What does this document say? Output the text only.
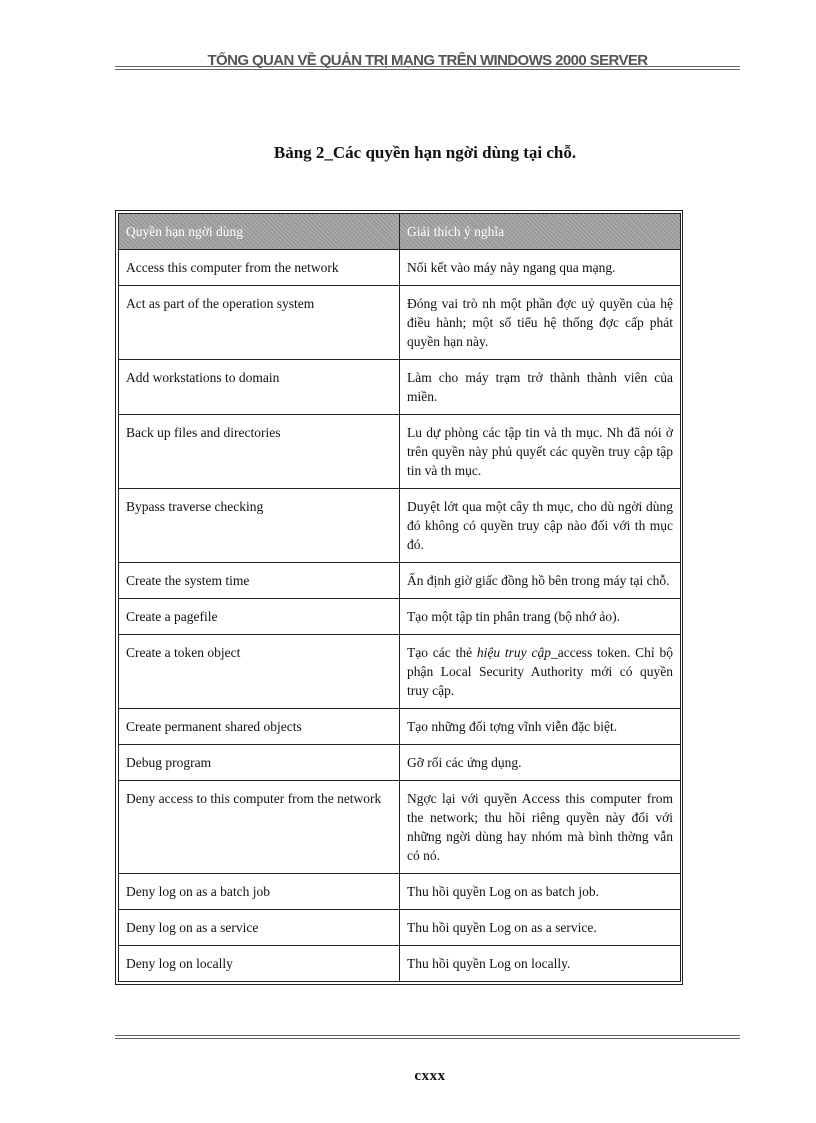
TỔNG QUAN VỀ QUẢN TRỊ MẠNG TRÊN WINDOWS 2000 SERVER
Bảng 2_Các quyền hạn ngời dùng tại chỗ.
Quyền hạn ngời dùng	Giải thích ý nghĩa
Access this computer from the network	Nối kết vào máy này ngang qua mạng.
Act as part of the operation system	Đóng vai trò nh một phần đợc uỷ quyền của hệ điều hành; một số tiểu hệ thống đợc cấp phát quyền hạn này.
Add workstations to domain	Làm cho máy trạm trở thành thành viên của miền.
Back up files and directories	Lu dự phòng các tập tin và th mục. Nh đã nói ở trên quyền này phủ quyết các quyền truy cập tập tin và th mục.
Bypass traverse checking	Duyệt lớt qua một cây th mục, cho dù ngời dùng đó không có quyền truy cập nào đối với th mục đó.
Create the system time	Ấn định giờ giấc đồng hồ bên trong máy tại chỗ.
Create a pagefile	Tạo một tập tin phân trang (bộ nhớ ảo).
Create a token object	Tạo các thẻ hiệu truy cập_access token. Chỉ bộ phận Local Security Authority mới có quyền truy cập.
Create permanent shared objects	Tạo những đối tợng vĩnh viễn đặc biệt.
Debug program	Gỡ rối các ứng dụng.
Deny access to this computer from the network	Ngợc lại với quyền Access this computer from the network; thu hồi riêng quyền này đối với những ngời dùng hay nhóm mà bình thờng vẫn có nó.
Deny log on as a batch job	Thu hồi quyền Log on as batch job.
Deny log on as a service	Thu hồi quyền Log on as a service.
Deny log on locally	Thu hồi quyền Log on locally.
cxxx
